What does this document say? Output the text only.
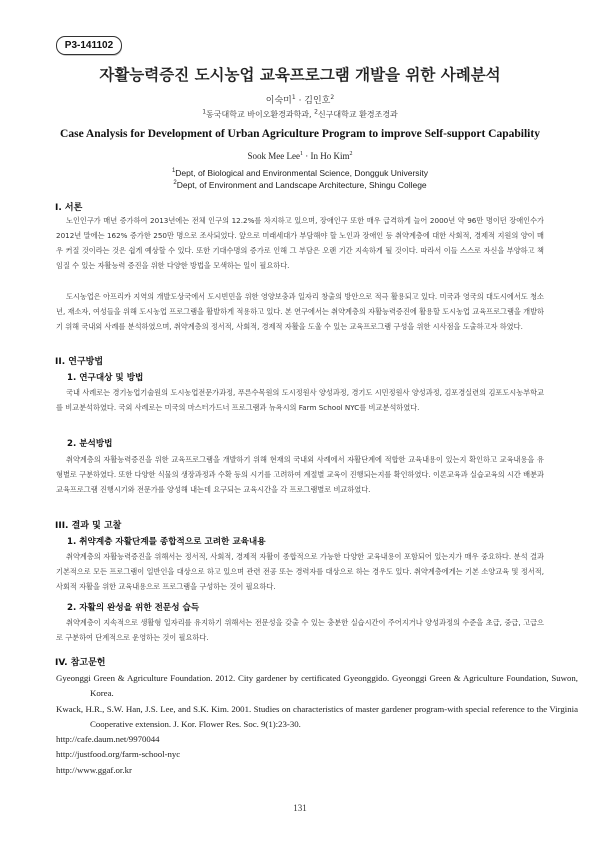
P3-141102
자활능력증진 도시농업 교육프로그램 개발을 위한 사례분석
이숙미$^1$ · 김인호$^2$
$^1$동국대학교 바이오환경과학과, $^2$신구대학교 환경조경과
Case Analysis for Development of Urban Agriculture Program to improve Self-support Capability
Sook Mee Lee$^1$ · In Ho Kim$^2$
$^1$Dept, of Biological and Environmental Science, Dongguk University
$^2$Dept, of Environment and Landscape Architecture, Shingu College
I. 서론

노인인구가 매년 증가하여 2013년에는 전체 인구의 12.2%를 차지하고 있으며, 장애인구 또한 매우 급격하게 늘어 2000년 약 96만 명이던 장애인수가 2012년 말에는 162% 증가한 250만 명으로 조사되었다. 앞으로 미래세대가 부담해야 할 노인과 장애인 등 취약계층에 대한 사회적, 경제적 지원의 양이 매우 커질 것이라는 것은 쉽게 예상할 수 있다. 또한 기대수명의 증가로 인해 그 부담은 오랜 기간 지속하게 될 것이다. 따라서 이들 스스로 자신을 부양하고 책임질 수 있는 자활능력 증진을 위한 다양한 방법을 모색하는 일이 필요하다.

도시농업은 아프리카 지역의 개발도상국에서 도시빈민을 위한 영양보충과 일자리 창출의 방안으로 적극 활용되고 있다. 미국과 영국의 대도시에서도 청소년, 재소자, 여성들을 위해 도시농업 프로그램을 활발하게 적용하고 있다. 본 연구에서는 취약계층의 자활능력증진에 활용할 도시농업 교육프로그램을 개발하기 위해 국내외 사례를 분석하였으며, 취약계층의 정서적, 사회적, 경제적 자활을 도울 수 있는 교육프로그램 구성을 위한 시사점을 도출하고자 하였다.

II. 연구방법
1. 연구대상 및 방법

국내 사례로는 경기농업기술원의 도시농업전문가과정, 푸른수목원의 도시정원사 양성과정, 경기도 시민정원사 양성과정, 김포경실련의 김포도시농부학교를 비교분석하였다. 국외 사례로는 미국의 마스터가드너 프로그램과 뉴욕시의 Farm School NYC를 비교분석하였다.

2. 분석방법

취약계층의 자활능력증진을 위한 교육프로그램을 개발하기 위해 현재의 국내외 사례에서 자활단계에 적합한 교육내용이 있는지 확인하고 교육내용을 유형별로 구분하였다. 또한 다양한 식물의 생장과정과 수확 등의 시기를 고려하여 계절별 교육이 진행되는지를 확인하였다. 이론교육과 실습교육의 시간 배분과 교육프로그램 진행시기와 전문가를 양성해 내는데 요구되는 교육시간을 각 프로그램별로 비교하였다.

III. 결과 및 고찰
1. 취약계층 자활단계를 종합적으로 고려한 교육내용

취약계층의 자활능력증진을 위해서는 정서적, 사회적, 경제적 자활이 종합적으로 가능한 다양한 교육내용이 포함되어 있는지가 매우 중요하다. 분석 결과 기본적으로 모든 프로그램이 일반인을 대상으로 하고 있으며 관련 전공 또는 경력자를 대상으로 하는 경우도 있다. 취약계층에게는 기본 소양교육 및 정서적, 사회적 자활을 위한 교육내용으로 프로그램을 구성하는 것이 필요하다.

2. 자활의 완성을 위한 전문성 습득

취약계층이 지속적으로 생활형 일자리를 유지하기 위해서는 전문성을 갖출 수 있는 충분한 실습시간이 주어지거나 양성과정의 수준을 초급, 중급, 고급으로 구분하여 단계적으로 운영하는 것이 필요하다.

IV. 참고문헌

Gyeonggi Green & Agriculture Foundation. 2012. City gardener by certificated Gyeonggido. Gyeonggi Green & Agriculture Foundation, Suwon, Korea.

Kwack, H.R., S.W. Han, J.S. Lee, and S.K. Kim. 2001. Studies on characteristics of master gardener program-with special reference to the Virginia Cooperative extension. J. Kor. Flower Res. Soc. 9(1):23-30.

http://cafe.daum.net/9970044
http://justfood.org/farm-school-nyc
http://www.ggaf.or.kr
131
